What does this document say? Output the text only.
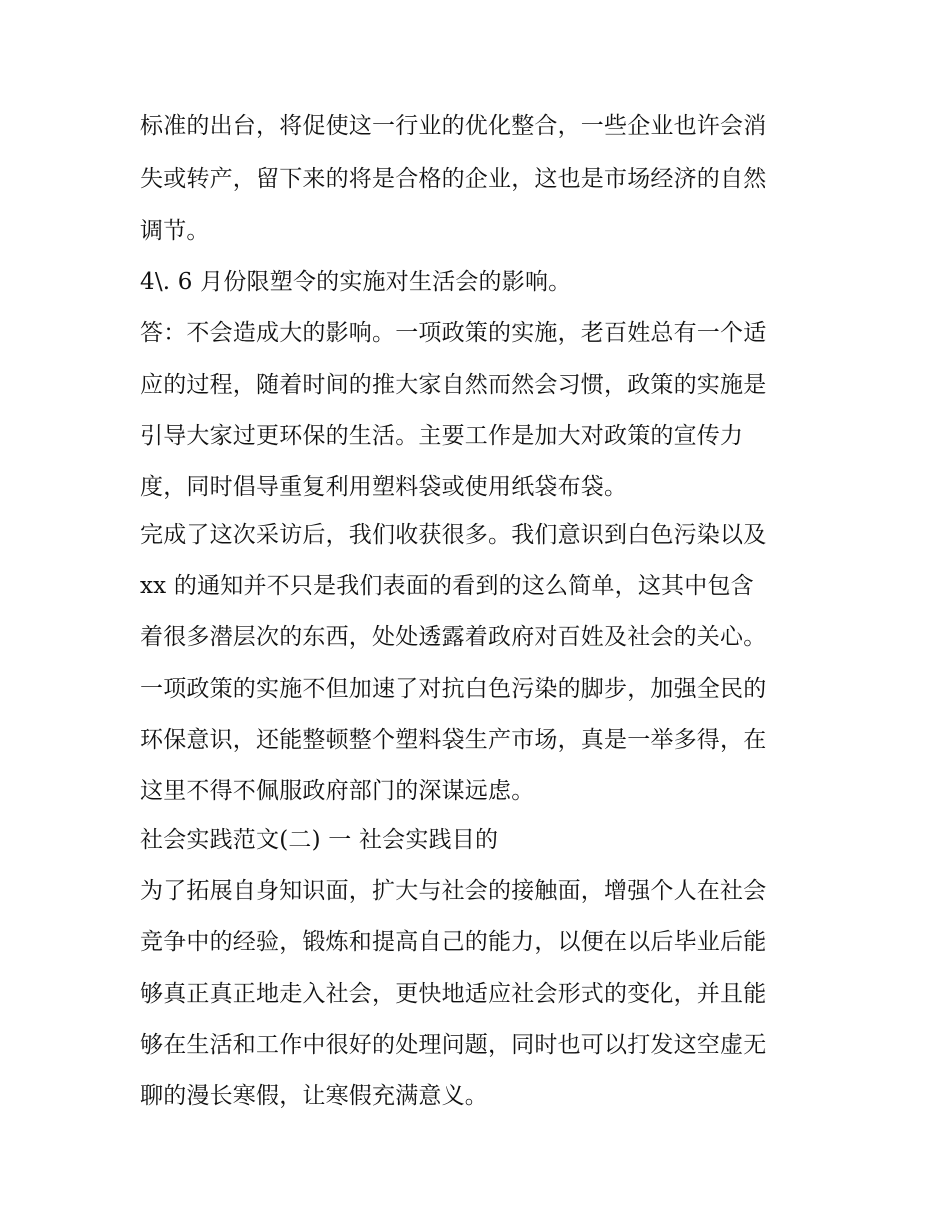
标准的出台，将促使这一行业的优化整合，一些企业也许会消
失或转产，留下来的将是合格的企业，这也是市场经济的自然
调节。
4\. 6 月份限塑令的实施对生活会的影响。
答：不会造成大的影响。一项政策的实施，老百姓总有一个适
应的过程，随着时间的推大家自然而然会习惯，政策的实施是
引导大家过更环保的生活。主要工作是加大对政策的宣传力
度，同时倡导重复利用塑料袋或使用纸袋布袋。
完成了这次采访后，我们收获很多。我们意识到白色污染以及
xx 的通知并不只是我们表面的看到的这么简单，这其中包含
着很多潜层次的东西，处处透露着政府对百姓及社会的关心。
一项政策的实施不但加速了对抗白色污染的脚步，加强全民的
环保意识，还能整顿整个塑料袋生产市场，真是一举多得，在
这里不得不佩服政府部门的深谋远虑。
社会实践范文(二) 一 社会实践目的
为了拓展自身知识面，扩大与社会的接触面，增强个人在社会
竞争中的经验，锻炼和提高自己的能力，以便在以后毕业后能
够真正真正地走入社会，更快地适应社会形式的变化，并且能
够在生活和工作中很好的处理问题，同时也可以打发这空虚无
聊的漫长寒假，让寒假充满意义。
